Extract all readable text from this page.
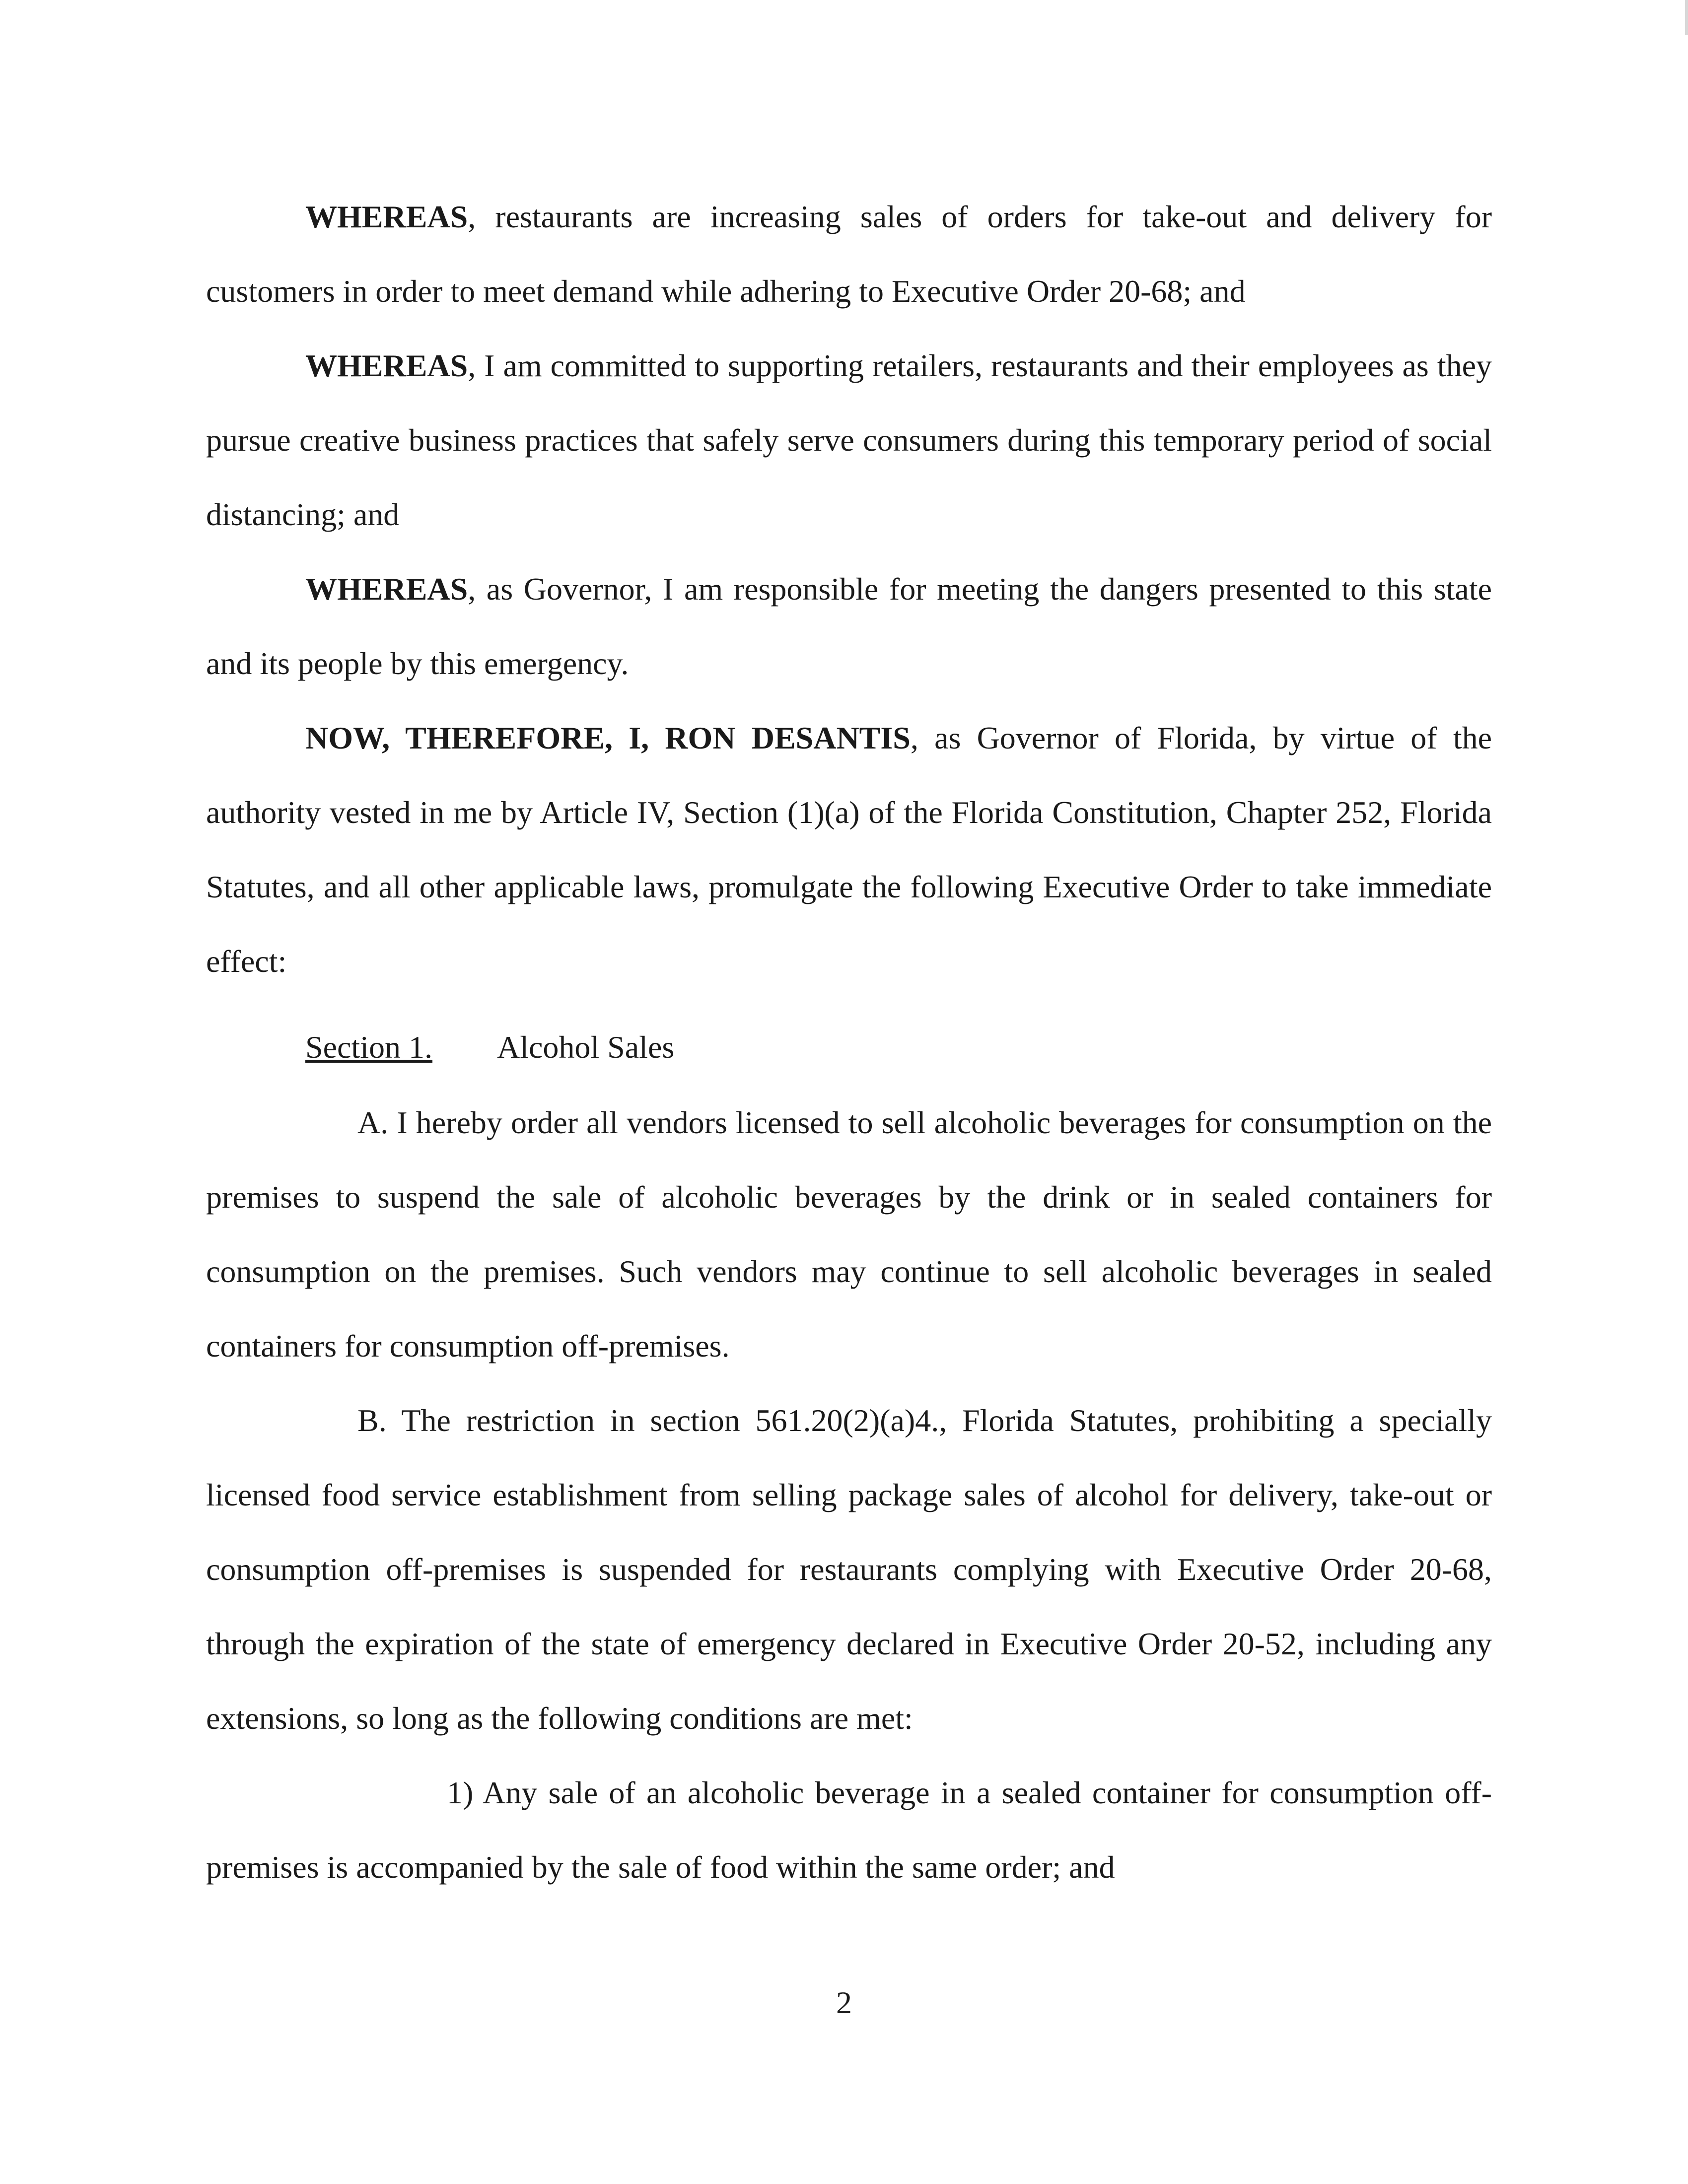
WHEREAS, restaurants are increasing sales of orders for take-out and delivery for customers in order to meet demand while adhering to Executive Order 20-68; and

WHEREAS, I am committed to supporting retailers, restaurants and their employees as they pursue creative business practices that safely serve consumers during this temporary period of social distancing; and

WHEREAS, as Governor, I am responsible for meeting the dangers presented to this state and its people by this emergency.

NOW, THEREFORE, I, RON DESANTIS, as Governor of Florida, by virtue of the authority vested in me by Article IV, Section (1)(a) of the Florida Constitution, Chapter 252, Florida Statutes, and all other applicable laws, promulgate the following Executive Order to take immediate effect:

Section 1. Alcohol Sales

A. I hereby order all vendors licensed to sell alcoholic beverages for consumption on the premises to suspend the sale of alcoholic beverages by the drink or in sealed containers for consumption on the premises. Such vendors may continue to sell alcoholic beverages in sealed containers for consumption off-premises.

B. The restriction in section 561.20(2)(a)4., Florida Statutes, prohibiting a specially licensed food service establishment from selling package sales of alcohol for delivery, take-out or consumption off-premises is suspended for restaurants complying with Executive Order 20-68, through the expiration of the state of emergency declared in Executive Order 20-52, including any extensions, so long as the following conditions are met:

1) Any sale of an alcoholic beverage in a sealed container for consumption off-premises is accompanied by the sale of food within the same order; and

2
